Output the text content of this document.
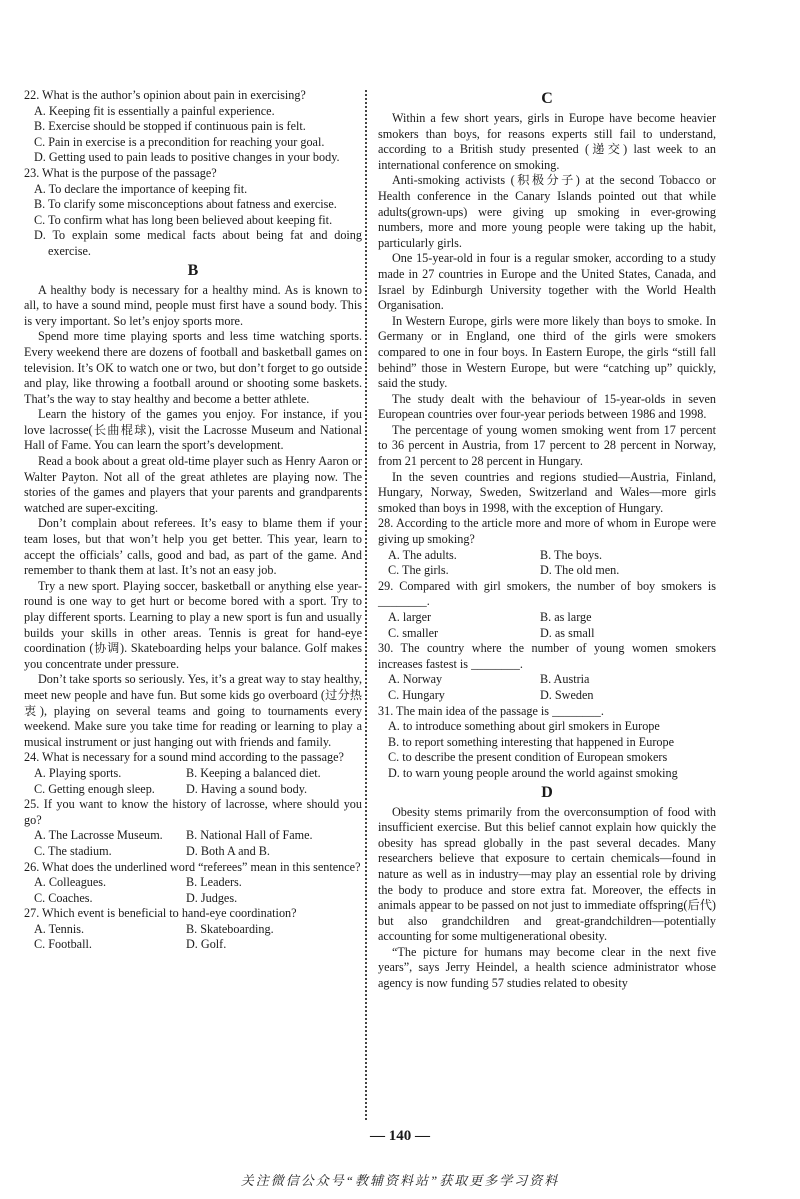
22. What is the author’s opinion about pain in exercising?

A. Keeping fit is essentially a painful experience.

B. Exercise should be stopped if continuous pain is felt.

C. Pain in exercise is a precondition for reaching your goal.

D. Getting used to pain leads to positive changes in your body.

23. What is the purpose of the passage?

A. To declare the importance of keeping fit.

B. To clarify some misconceptions about fatness and exercise.

C. To confirm what has long been believed about keeping fit.

D. To explain some medical facts about being fat and doing exercise.

B

A healthy body is necessary for a healthy mind. As is known to all, to have a sound mind, people must first have a sound body. This is very important. So let’s enjoy sports more.

Spend more time playing sports and less time watching sports. Every weekend there are dozens of football and basketball games on television. It’s OK to watch one or two, but don’t forget to go outside and play, like throwing a football around or shooting some baskets. That’s the way to stay healthy and become a better athlete.

Learn the history of the games you enjoy. For instance, if you love lacrosse(长曲棍球), visit the Lacrosse Museum and National Hall of Fame. You can learn the sport’s development.

Read a book about a great old-time player such as Henry Aaron or Walter Payton. Not all of the great athletes are playing now. The stories of the games and players that your parents and grandparents watched are super-exciting.

Don’t complain about referees. It’s easy to blame them if your team loses, but that won’t help you get better. This year, learn to accept the officials’ calls, good and bad, as part of the game. And remember to thank them at last. It’s not an easy job.

Try a new sport. Playing soccer, basketball or anything else year-round is one way to get hurt or become bored with a sport. Try to play different sports. Learning to play a new sport is fun and usually builds your skills in other areas. Tennis is great for hand-eye coordination (协调). Skateboarding helps your balance. Golf makes you concentrate under pressure.

Don’t take sports so seriously. Yes, it’s a great way to stay healthy, meet new people and have fun. But some kids go overboard (过分热衷), playing on several teams and going to tournaments every weekend. Make sure you take time for reading or learning to play a musical instrument or just hanging out with friends and family.

24. What is necessary for a sound mind according to the passage?

A. Playing sports.	B. Keeping a balanced diet.
C. Getting enough sleep.	D. Having a sound body.

25. If you want to know the history of lacrosse, where should you go?

A. The Lacrosse Museum.	B. National Hall of Fame.
C. The stadium.	D. Both A and B.

26. What does the underlined word “referees” mean in this sentence?

A. Colleagues.	B. Leaders.
C. Coaches.	D. Judges.

27. Which event is beneficial to hand-eye coordination?

A. Tennis.	B. Skateboarding.
C. Football.	D. Golf.
C

Within a few short years, girls in Europe have become heavier smokers than boys, for reasons experts still fail to understand, according to a British study presented (递交) last week to an international conference on smoking.

Anti-smoking activists (积极分子) at the second Tobacco or Health conference in the Canary Islands pointed out that while adults(grown-ups) were giving up smoking in ever-growing numbers, more and more young people were taking up the habit, particularly girls.

One 15-year-old in four is a regular smoker, according to a study made in 27 countries in Europe and the United States, Canada, and Israel by Edinburgh University together with the World Health Organisation.

In Western Europe, girls were more likely than boys to smoke. In Germany or in England, one third of the girls were smokers compared to one in four boys. In Eastern Europe, the girls “still fall behind” those in Western Europe, but were “catching up” quickly, said the study.

The study dealt with the behaviour of 15-year-olds in seven European countries over four-year periods between 1986 and 1998.

The percentage of young women smoking went from 17 percent to 36 percent in Austria, from 17 percent to 28 percent in Norway, from 21 percent to 28 percent in Hungary.

In the seven countries and regions studied—Austria, Finland, Hungary, Norway, Sweden, Switzerland and Wales—more girls smoked than boys in 1998, with the exception of Hungary.

28. According to the article more and more of whom in Europe were giving up smoking?

A. The adults.	B. The boys.
C. The girls.	D. The old men.

29. Compared with girl smokers, the number of boy smokers is ________.

A. larger	B. as large
C. smaller	D. as small

30. The country where the number of young women smokers increases fastest is ________.

A. Norway	B. Austria
C. Hungary	D. Sweden

31. The main idea of the passage is ________.

A. to introduce something about girl smokers in Europe

B. to report something interesting that happened in Europe

C. to describe the present condition of European smokers

D. to warn young people around the world against smoking

D

Obesity stems primarily from the overconsumption of food with insufficient exercise. But this belief cannot explain how quickly the obesity has spread globally in the past several decades. Many researchers believe that exposure to certain chemicals—found in nature as well as in industry—may play an essential role by driving the body to produce and store extra fat. Moreover, the effects in animals appear to be passed on not just to immediate offspring(后代) but also grandchildren and great-grandchildren—potentially accounting for some multigenerational obesity.

“The picture for humans may become clear in the next five years”, says Jerry Heindel, a health science administrator whose agency is now funding 57 studies related to obesity

— 140 —
关注微信公众号“教辅资料站”获取更多学习资料
